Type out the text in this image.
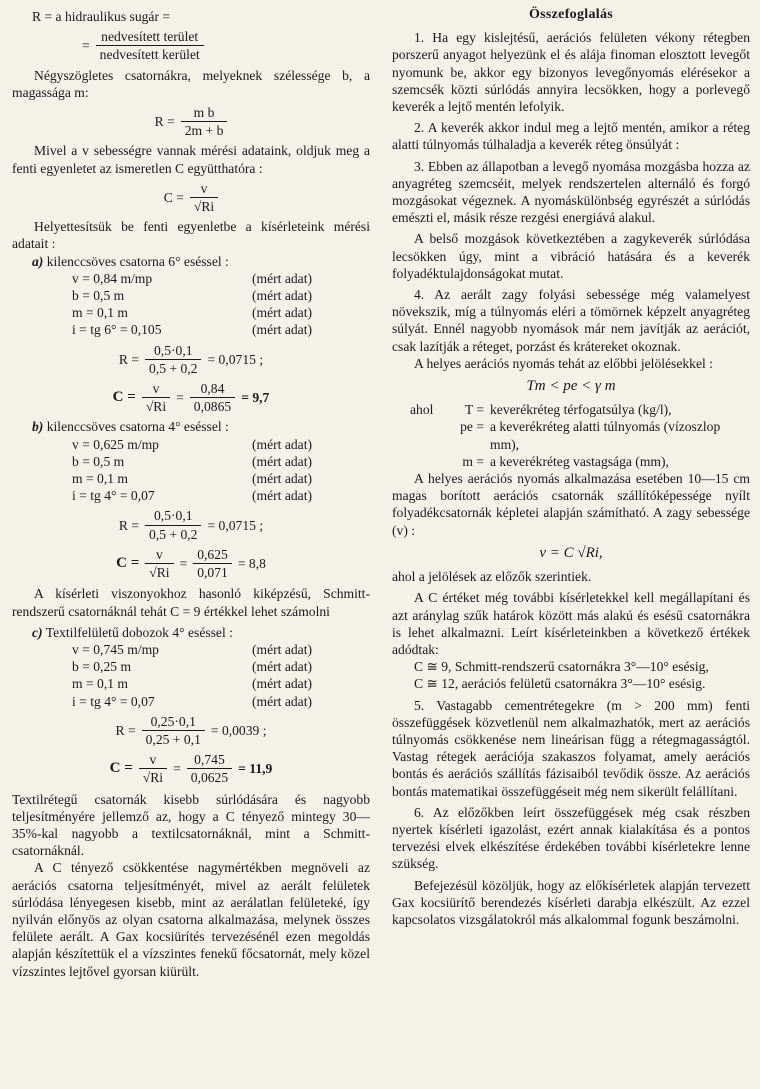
R = a hidraulikus sugár =

= $\frac{\text{nedvesített terület}}{\text{nedvesített kerület}}$

Négyszögletes csatornákra, melyeknek szélessége b, a magassága m:

$R = \frac{\text{m b}}{2m + b}$

Mivel a v sebességre vannak mérési adataink, oldjuk meg a fenti egyenletet az ismeretlen C együtthatóra :

$C = \frac{v}{√Ri}$

Helyettesítsük be fenti egyenletbe a kísérleteink mérési adatait :

a) kilenccsöves csatorna 6° eséssel :

v = 0,84 m/mp	(mért adat)
b = 0,5 m	(mért adat)
m = 0,1 m	(mért adat)
i = tg 6° = 0,105	(mért adat)
$R = \frac{0,5\cdot 0,1}{0,5 + 0,2} = 0,0715$ ;
$C = \frac{v}{√Ri} = \frac{0,84}{0,0865} = 9,7$

b) kilenccsöves csatorna 4° eséssel :

v = 0,625 m/mp	(mért adat)
b = 0,5 m	(mért adat)
m = 0,1 m	(mért adat)
i = tg 4° = 0,07	(mért adat)
$R = \frac{0,5\cdot 0,1}{0,5 + 0,2} = 0,0715$ ;
$C = \frac{v}{√Ri} = \frac{0,625}{0,071} = 8,8$

A kísérleti viszonyokhoz hasonló kiképzésű, Schmitt-rendszerű csatornáknál tehát C = 9 értékkel lehet számolni

c) Textilfelületű dobozok 4° eséssel :

v = 0,745 m/mp	(mért adat)
b = 0,25 m	(mért adat)
m = 0,1 m	(mért adat)
i = tg 4° = 0,07	(mért adat)
$R = \frac{0,25\cdot 0,1}{0,25 + 0,1} = 0,0039$ ;
$C = \frac{v}{√Ri} = \frac{0,745}{0,0625} = 11,9$

Textilrétegű csatornák kisebb súrlódására és nagyobb teljesítményére jellemző az, hogy a C tényező mintegy 30—35%-kal nagyobb a textilcsatornáknál, mint a Schmitt-csatornáknál.

A C tényező csökkentése nagymértékben megnöveli az aerációs csatorna teljesítményét, mivel az aerált felületek súrlódása lényegesen kisebb, mint az aerálatlan felületeké, így nyilván előnyös az olyan csatorna alkalmazása, melynek összes felülete aerált. A Gax kocsiürítés tervezésénél ezen megoldás alapján készítettük el a vízszintes fenekű főcsatornát, mely közel vízszintes lejtővel gyorsan kiürült.

Összefoglalás

1. Ha egy kislejtésű, aerációs felületen vékony rétegben porszerű anyagot helyezünk el és alája finoman elosztott levegőt nyomunk be, akkor egy bizonyos levegőnyomás elérésekor a szemcsék közti súrlódás annyira lecsökken, hogy a porlevegő keverék a lejtő mentén lefolyik.

2. A keverék akkor indul meg a lejtő mentén, amikor a réteg alatti túlnyomás túlhaladja a keverék réteg önsúlyát :

3. Ebben az állapotban a levegő nyomása mozgásba hozza az anyagréteg szemcséit, melyek rendszertelen alternáló és forgó mozgásokat végeznek. A nyomáskülönbség egyrészét a súrlódás emészti el, másik része rezgési energiává alakul.

A belső mozgások következtében a zagykeverék súrlódása lecsökken úgy, mint a vibráció hatására és a keverék folyadéktulajdonságokat mutat.

4. Az aerált zagy folyási sebessége még valamelyest növekszik, míg a túlnyomás eléri a tömörnek képzelt anyagréteg súlyát. Ennél nagyobb nyomások már nem javítják az aerációt, csak lazítják a réteget, porzást és krátereket okoznak.

A helyes aerációs nyomás tehát az előbbi jelölésekkel :

Tm < pe < γ m

ahol	T = keverékréteg térfogatsúlya (kg/l),
pe = a keverékréteg alatti túlnyomás (vízoszlop mm),
m = a keverékréteg vastagsága (mm),

A helyes aerációs nyomás alkalmazása esetében 10—15 cm magas borított aerációs csatornák szállítóképessége nyílt folyadékcsatornák képletei alapján számítható. A zagy sebessége (v) :

v = C √Ri,

ahol a jelölések az előzők szerintiek.

A C értéket még további kísérletekkel kell megállapítani és azt aránylag szűk határok között más alakú és esésű csatornákra is lehet alkalmazni. Leírt kísérleteinkben a következő értékek adódtak:

C ≅ 9, Schmitt-rendszerű csatornákra 3°—10° esésig,

C ≅ 12, aerációs felületű csatornákra 3°—10° esésig.

5. Vastagabb cementrétegekre (m > 200 mm) fenti összefüggések közvetlenül nem alkalmazhatók, mert az aerációs túlnyomás csökkenése nem lineárisan függ a rétegmagasságtól. Vastag rétegek aerációja szakaszos folyamat, amely aerációs bontás és aerációs szállítás fázisaiból tevődik össze. Az aerációs bontás matematikai összefüggéseit még nem sikerült felállítani.

6. Az előzőkben leírt összefüggések még csak részben nyertek kísérleti igazolást, ezért annak kialakítása és a pontos tervezési elvek elkészítése érdekében további kísérletekre lenne szükség.

Befejezésül közöljük, hogy az előkísérletek alapján tervezett Gax kocsiürítő berendezés kísérleti darabja elkészült. Az ezzel kapcsolatos vizsgálatokról más alkalommal fogunk beszámolni.
